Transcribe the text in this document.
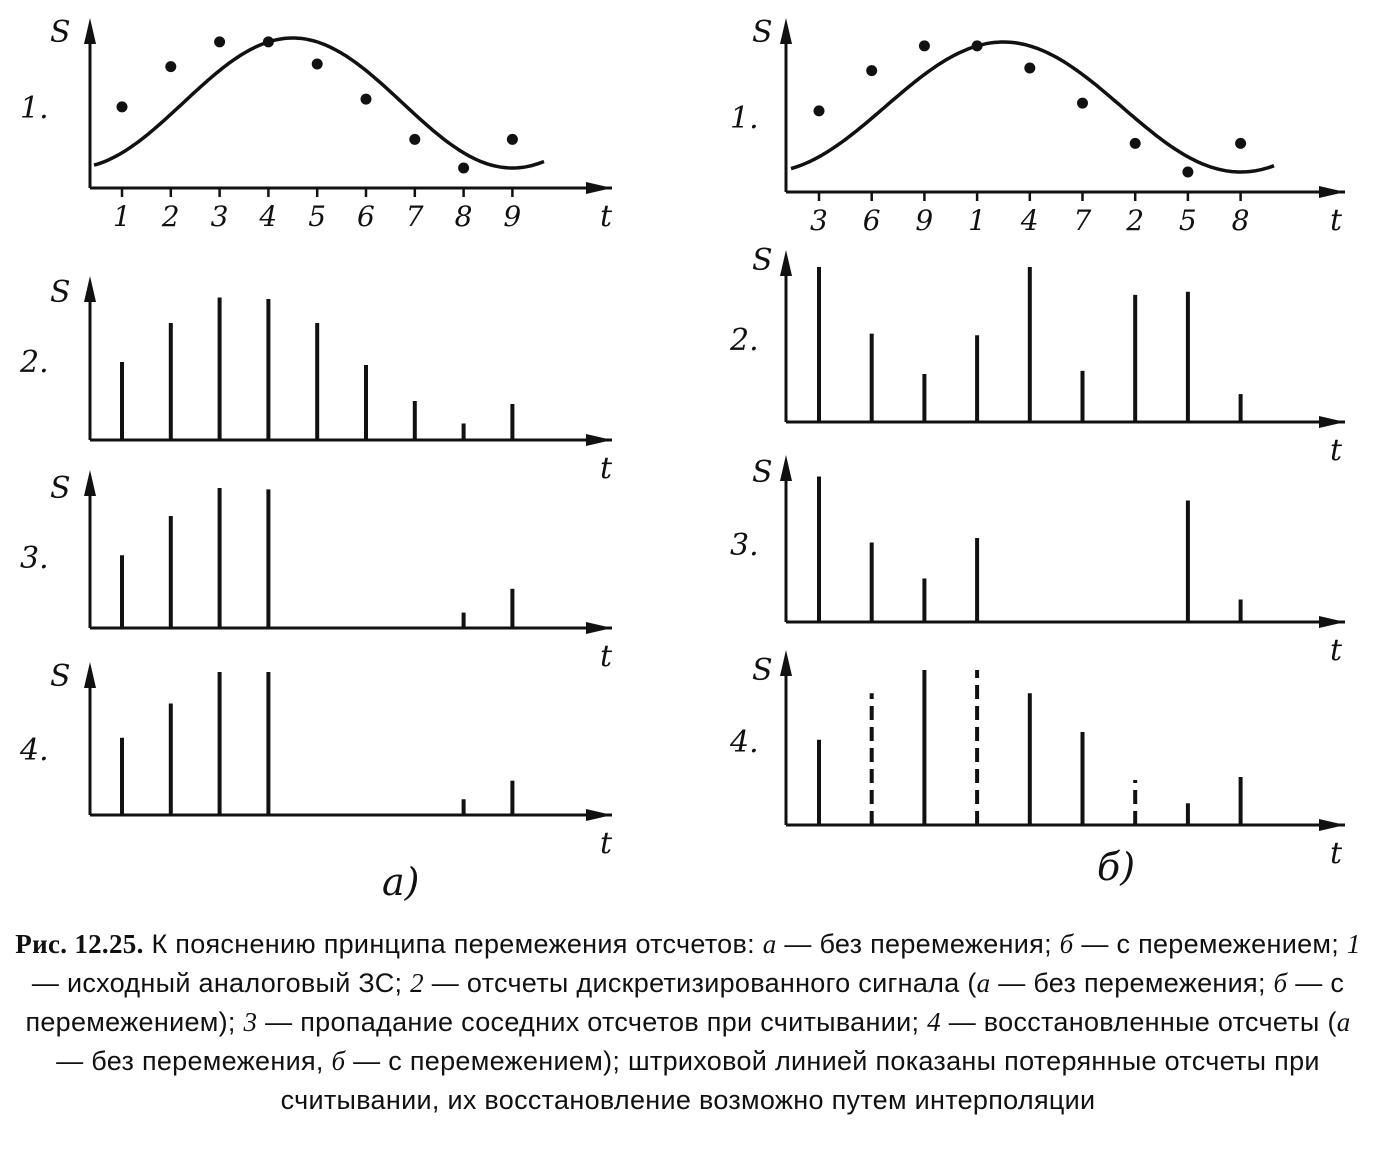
S
t
1.
1 2 3 4 5 6 7 8 9
S
t
2.
S
t
3.
S
t
4.
а)
S
t
1.
3 6 9 1 4 7 2 5 8
S
t
2.
S
t
3.
S
t
4.
б)
Рис. 12.25. К пояснению принципа перемежения отсчетов: а — без перемежения; б — с перемежением; 1 — исходный аналоговый ЗС; 2 — отсчеты дискретизированного сигнала (а — без перемежения; б — с перемежением); 3 — пропадание соседних отсчетов при считывании; 4 — восстановленные отсчеты (а — без перемежения, б — с перемежением); штриховой линией показаны потерянные отсчеты при считывании, их восстановление возможно путем интерполяции
